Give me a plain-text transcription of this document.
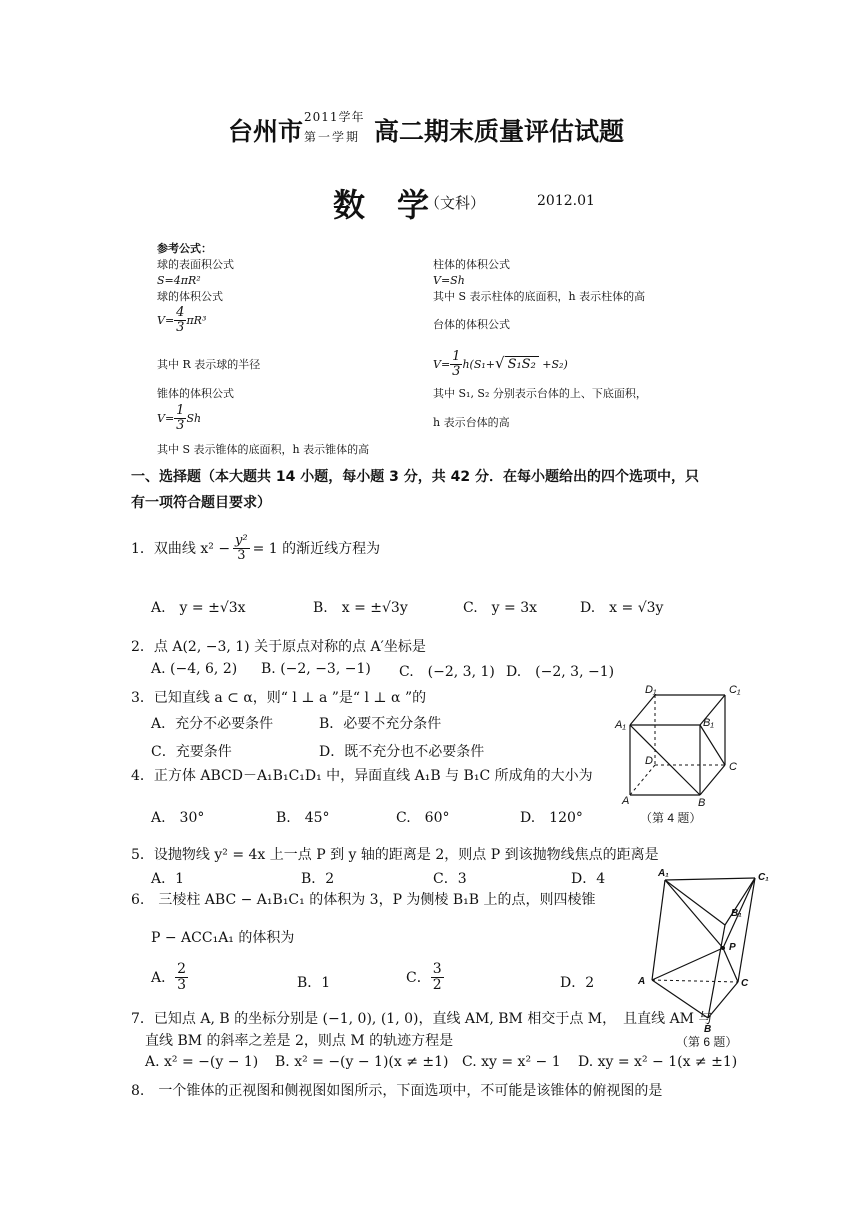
台州市 2011学年
第一学期 高二期末质量评估试题
数　学
（文科）	2012.01
参考公式：
球的表面积公式
S=4πR²
球的体积公式
$V= \frac{4}{3} \pi R^3$
其中 R 表示球的半径
锥体的体积公式
$V= \frac{1}{3}$ Sh
其中 S 表示锥体的底面积，h 表示锥体的高
柱体的体积公式
V=Sh
其中 S 表示柱体的底面积，h 表示柱体的高
台体的体积公式
$V= \frac{1}{3} h(S_1+√$ S₁S₂ +S₂)
其中 S₁, S₂ 分别表示台体的上、下底面积，
h 表示台体的高
一、选择题（本大题共 14 小题，每小题 3 分，共 42 分．在每小题给出的四个选项中，只
有一项符合题目要求）
1．双曲线 $x^2 - \frac{\text{y²}}{3} = 1$ 的渐近线方程为
A.　y = ±√3x	B.　x = ±√3y	C.　y = 3x	D.　x = √3y
2．点 A(2, −3, 1) 关于原点对称的点 A′坐标是
A. (−4, 6, 2) B. (−2, −3, −1) C.　(−2, 3, 1) D.　(−2, 3, −1)
3．已知直线 a ⊂ α，则“ l ⊥ a ”是“ l ⊥ α ”的
A．充分不必要条件	B．必要不充分条件
C．充要条件	D．既不充分也不必要条件
4．正方体 ABCD－A₁B₁C₁D₁ 中，异面直线 A₁B 与 B₁C 所成角的大小为
A.　30°	B.　45°	C.　60°	D.　120°
D₁	C₁
A₁	B₁
D	C
A	B
（第 4 题）
5．设抛物线 y² = 4x 上一点 P 到 y 轴的距离是 2，则点 P 到该抛物线焦点的距离是
A．1	B．2	C．3	D．4
6.　三棱柱 ABC − A₁B₁C₁ 的体积为 3，P 为侧棱 B₁B 上的点，则四棱锥
P − ACC₁A₁ 的体积为
A． $\frac{2}{3}$	B．1	C． $\frac{3}{2}$	D．2
A₁	C₁
B₁
P
A	C
B
（第 6 题）
7．已知点 A, B 的坐标分别是 (−1, 0), (1, 0)，直线 AM, BM 相交于点 M，　且直线 AM 与
直线 BM 的斜率之差是 2，则点 M 的轨迹方程是
A. x² = −(y − 1) B. x² = −(y − 1)(x ≠ ±1) C. xy = x² − 1 D. xy = x² − 1(x ≠ ±1)
8.　一个锥体的正视图和侧视图如图所示，下面选项中，不可能是该锥体的俯视图的是
